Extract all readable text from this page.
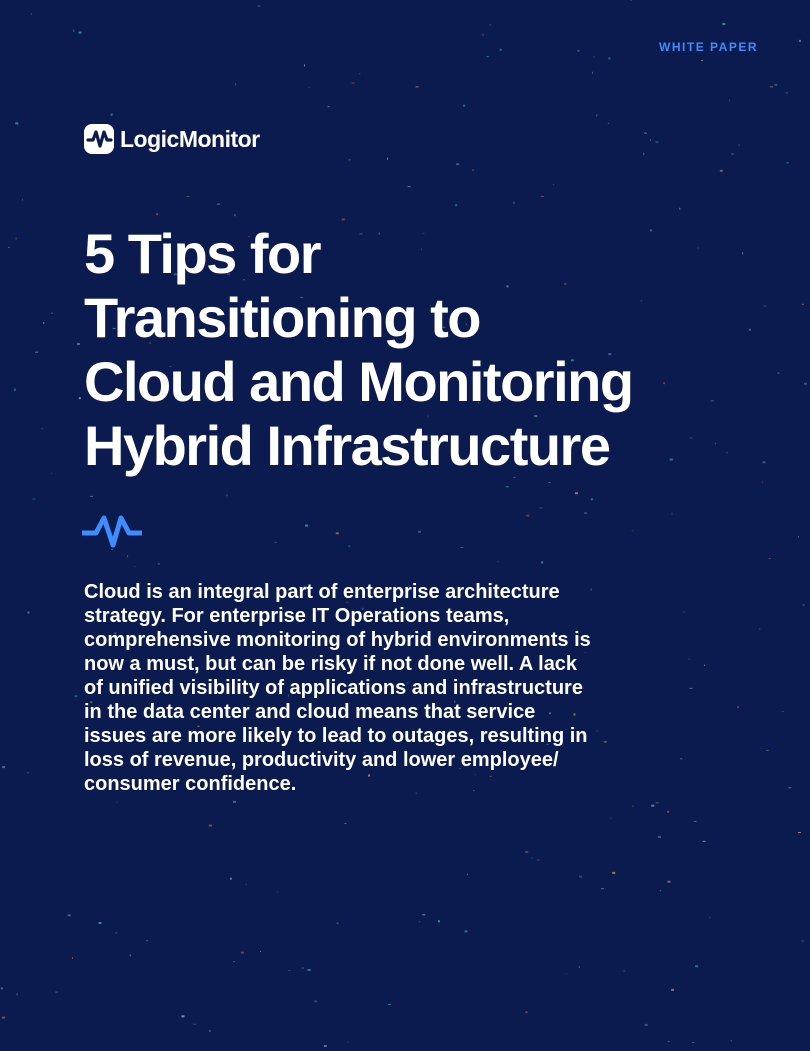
WHITE PAPER
LogicMonitor
5 Tips for
Transitioning to
Cloud and Monitoring
Hybrid Infrastructure

Cloud is an integral part of enterprise architecture
strategy. For enterprise IT Operations teams,
comprehensive monitoring of hybrid environments is
now a must, but can be risky if not done well. A lack
of unified visibility of applications and infrastructure
in the data center and cloud means that service
issues are more likely to lead to outages, resulting in
loss of revenue, productivity and lower employee/
consumer confidence.
